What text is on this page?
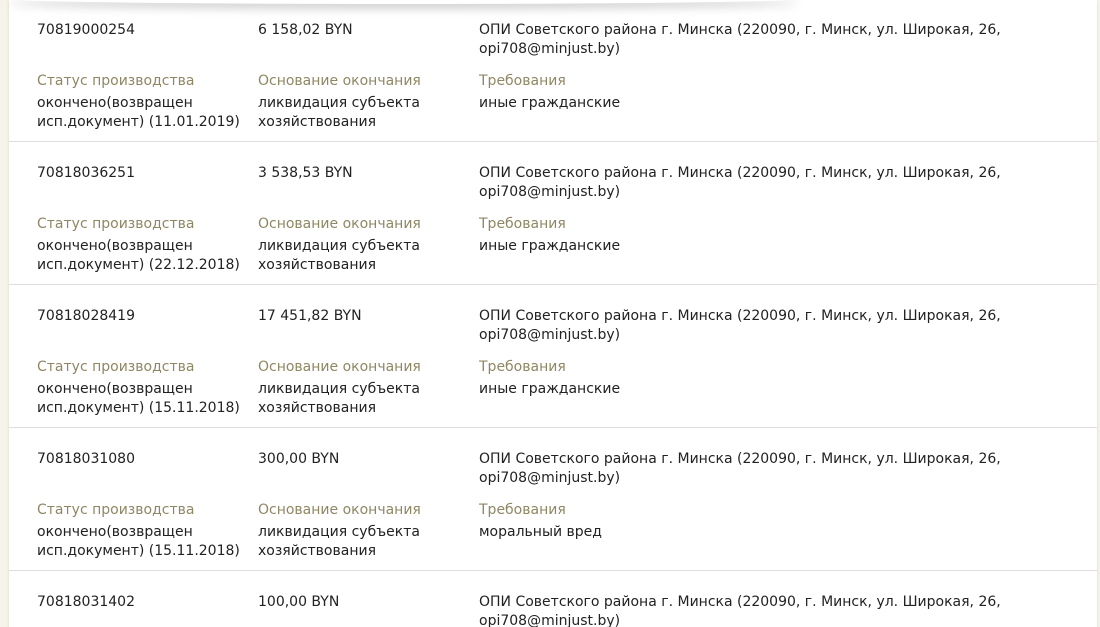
70819000254	6 158,02 BYN	ОПИ Советского района г. Минска (220090, г. Минск, ул. Широкая, 26,
opi708@minjust.by)
Статус производства
окончено(возвращен
исп.документ) (11.01.2019)
Основание окончания
ликвидация субъекта
хозяйствования
Требования
иные гражданские
70818036251	3 538,53 BYN	ОПИ Советского района г. Минска (220090, г. Минск, ул. Широкая, 26,
opi708@minjust.by)
Статус производства
окончено(возвращен
исп.документ) (22.12.2018)
Основание окончания
ликвидация субъекта
хозяйствования
Требования
иные гражданские
70818028419	17 451,82 BYN	ОПИ Советского района г. Минска (220090, г. Минск, ул. Широкая, 26,
opi708@minjust.by)
Статус производства
окончено(возвращен
исп.документ) (15.11.2018)
Основание окончания
ликвидация субъекта
хозяйствования
Требования
иные гражданские
70818031080	300,00 BYN	ОПИ Советского района г. Минска (220090, г. Минск, ул. Широкая, 26,
opi708@minjust.by)
Статус производства
окончено(возвращен
исп.документ) (15.11.2018)
Основание окончания
ликвидация субъекта
хозяйствования
Требования
моральный вред
70818031402	100,00 BYN	ОПИ Советского района г. Минска (220090, г. Минск, ул. Широкая, 26,
opi708@minjust.by)
